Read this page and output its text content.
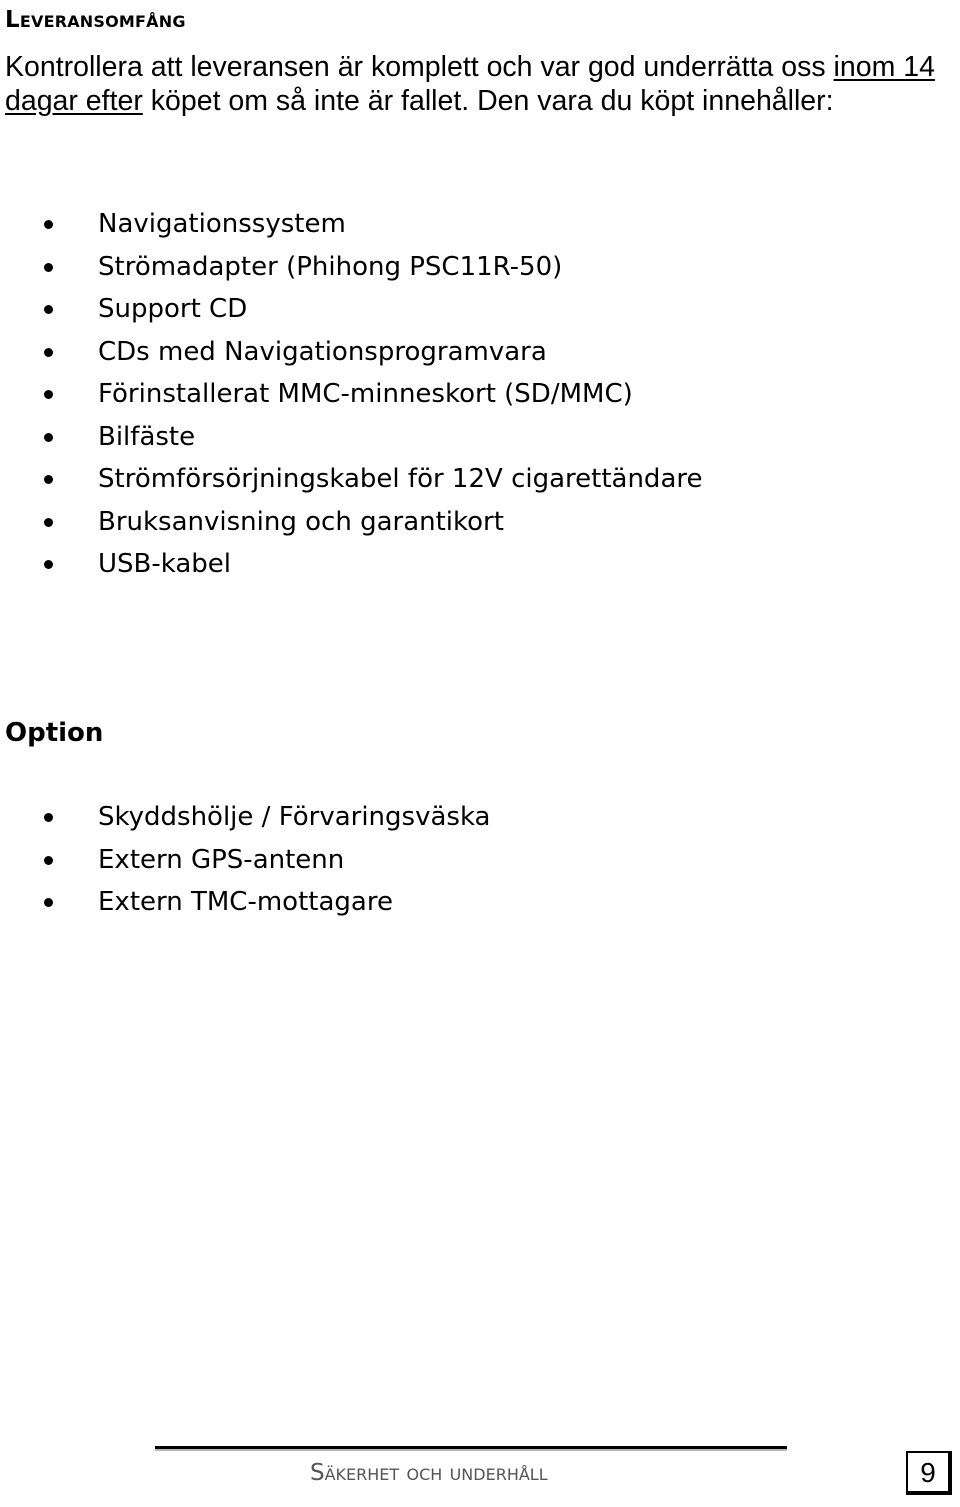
Leveransomfång

Kontrollera att leveransen är komplett och var god underrätta oss inom 14 dagar efter köpet om så inte är fallet. Den vara du köpt innehåller:

Navigationssystem
Strömadapter (Phihong PSC11R-50)
Support CD
CDs med Navigationsprogramvara
Förinstallerat MMC-minneskort (SD/MMC)
Bilfäste
Strömförsörjningskabel för 12V cigarettändare
Bruksanvisning och garantikort
USB-kabel
Option
Skyddshölje / Förvaringsväska
Extern GPS-antenn
Extern TMC-mottagare
Säkerhet och underhåll	9
